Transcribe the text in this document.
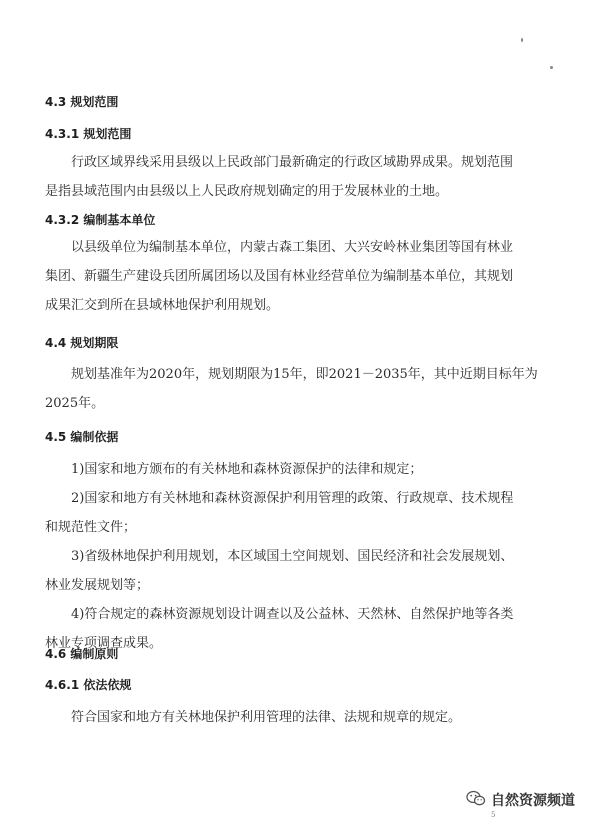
4.3 规划范围
4.3.1 规划范围
行政区域界线采用县级以上民政部门最新确定的行政区域勘界成果。规划范围
是指县域范围内由县级以上人民政府规划确定的用于发展林业的土地。
4.3.2 编制基本单位
以县级单位为编制基本单位，内蒙古森工集团、大兴安岭林业集团等国有林业
集团、新疆生产建设兵团所属团场以及国有林业经营单位为编制基本单位，其规划
成果汇交到所在县域林地保护利用规划。
4.4 规划期限
规划基准年为2020年，规划期限为15年，即2021－2035年，其中近期目标年为
2025年。
4.5 编制依据
1)国家和地方颁布的有关林地和森林资源保护的法律和规定；
2)国家和地方有关林地和森林资源保护利用管理的政策、行政规章、技术规程
和规范性文件；
3)省级林地保护利用规划，本区域国土空间规划、国民经济和社会发展规划、
林业发展规划等；
4)符合规定的森林资源规划设计调查以及公益林、天然林、自然保护地等各类
林业专项调查成果。
4.6 编制原则
4.6.1 依法依规
符合国家和地方有关林地保护利用管理的法律、法规和规章的规定。
自然资源频道
5
